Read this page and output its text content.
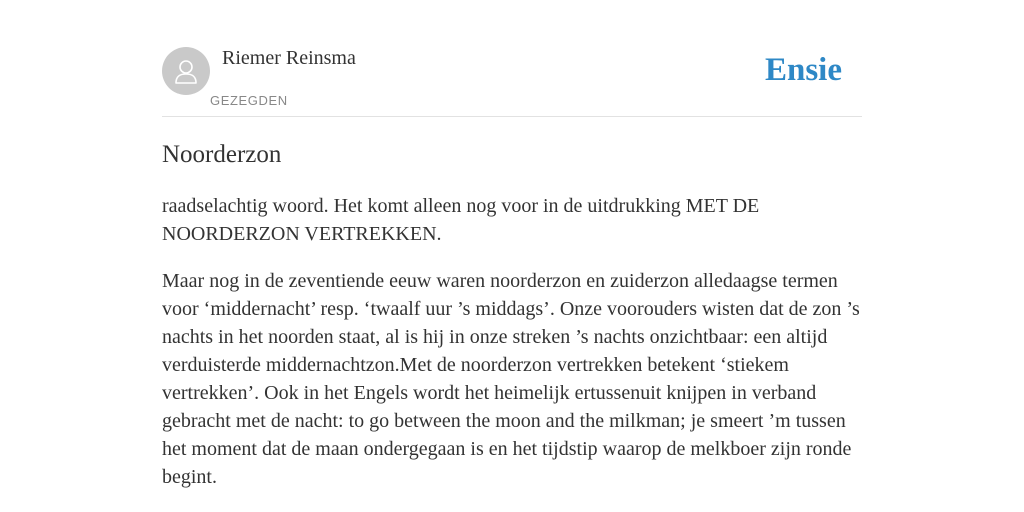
Riemer Reinsma
GEZEGDEN
Ensie
Noorderzon

raadselachtig woord. Het komt alleen nog voor in de uitdrukking MET DE NOORDERZON VERTREKKEN.

Maar nog in de zeventiende eeuw waren noorderzon en zuiderzon alledaagse termen voor ‘middernacht’ resp. ‘twaalf uur ’s middags’. Onze voorouders wisten dat de zon ’s nachts in het noorden staat, al is hij in onze streken ’s nachts onzichtbaar: een altijd verduisterde middernachtzon.Met de noorderzon vertrekken betekent ‘stiekem vertrekken’. Ook in het Engels wordt het heimelijk ertussenuit knijpen in verband gebracht met de nacht: to go between the moon and the milkman; je smeert ’m tussen het moment dat de maan ondergegaan is en het tijdstip waarop de melkboer zijn ronde begint.
